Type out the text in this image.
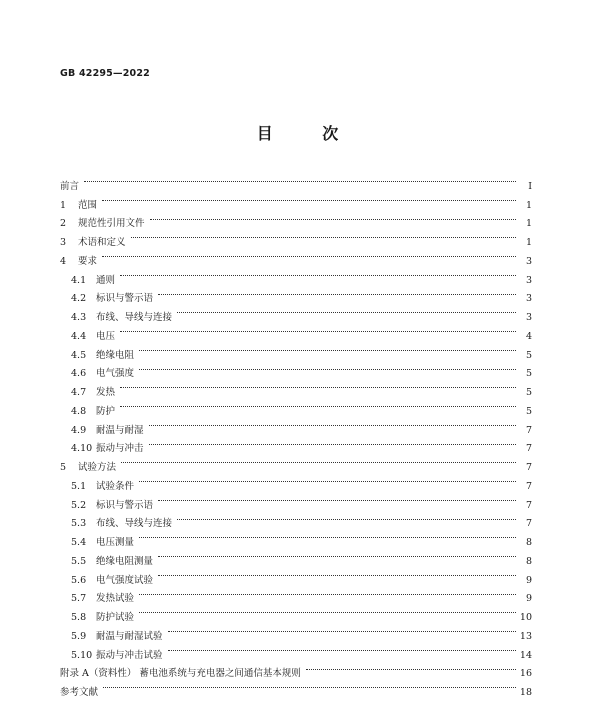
GB 42295—2022
目 次
前言	I
1	范围	1
2	规范性引用文件	1
3	术语和定义	1
4	要求	3
4.1	通则	3
4.2	标识与警示语	3
4.3	布线、导线与连接	3
4.4	电压	4
4.5	绝缘电阻	5
4.6	电气强度	5
4.7	发热	5
4.8	防护	5
4.9	耐温与耐湿	7
4.10 振动与冲击	7
5	试验方法	7
5.1	试验条件	7
5.2	标识与警示语	7
5.3	布线、导线与连接	7
5.4	电压测量	8
5.5	绝缘电阻测量	8
5.6	电气强度试验	9
5.7	发热试验	9
5.8	防护试验	10
5.9	耐温与耐湿试验	13
5.10 振动与冲击试验	14
附录 A（资料性） 蓄电池系统与充电器之间通信基本规则	16
参考文献	18
